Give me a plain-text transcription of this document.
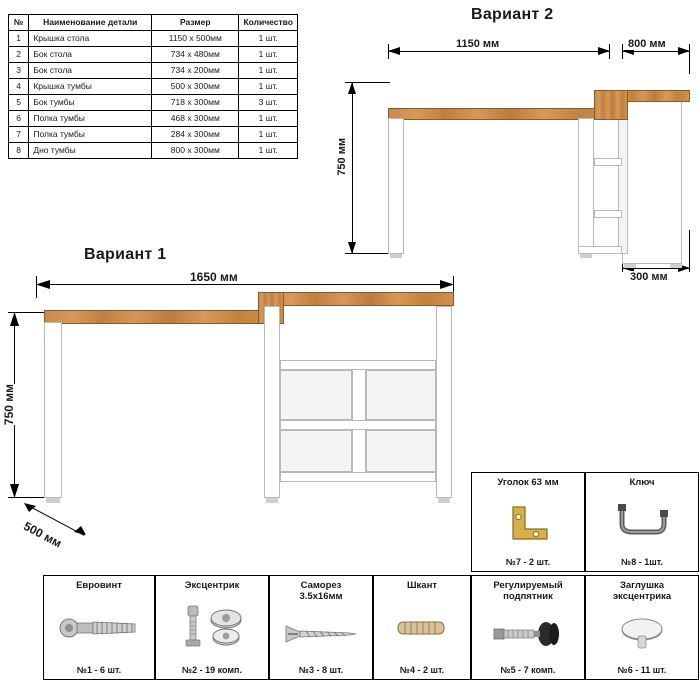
№	Наименование детали	Размер	Количество
1	Крышка стола	1150 x 500мм	1 шт.
2	Бок стола	734 x 480мм	1 шт.
3	Бок стола	734 x 200мм	1 шт.
4	Крышка тумбы	500 x 300мм	1 шт.
5	Бок тумбы	718 x 300мм	3 шт.
6	Полка тумбы	468 x 300мм	1 шт.
7	Полка тумбы	284 x 300мм	1 шт.
8	Дно тумбы	800 x 300мм	1 шт.
Вариант 2
1150 мм	800 мм
750 мм
300 мм
Вариант 1
1650 мм
750 мм
500 мм
Уголок 63 мм
№7 - 2 шт.
Ключ
№8 - 1шт.
Евровинт
№1 - 6 шт.
Эксцентрик
№2 - 19 комп.
Саморез
3.5х16мм
№3 - 8 шт.
Шкант
№4 - 2 шт.
Регулируемый
подпятник
№5 - 7 комп.
Заглушка
эксцентрика
№6 - 11 шт.
